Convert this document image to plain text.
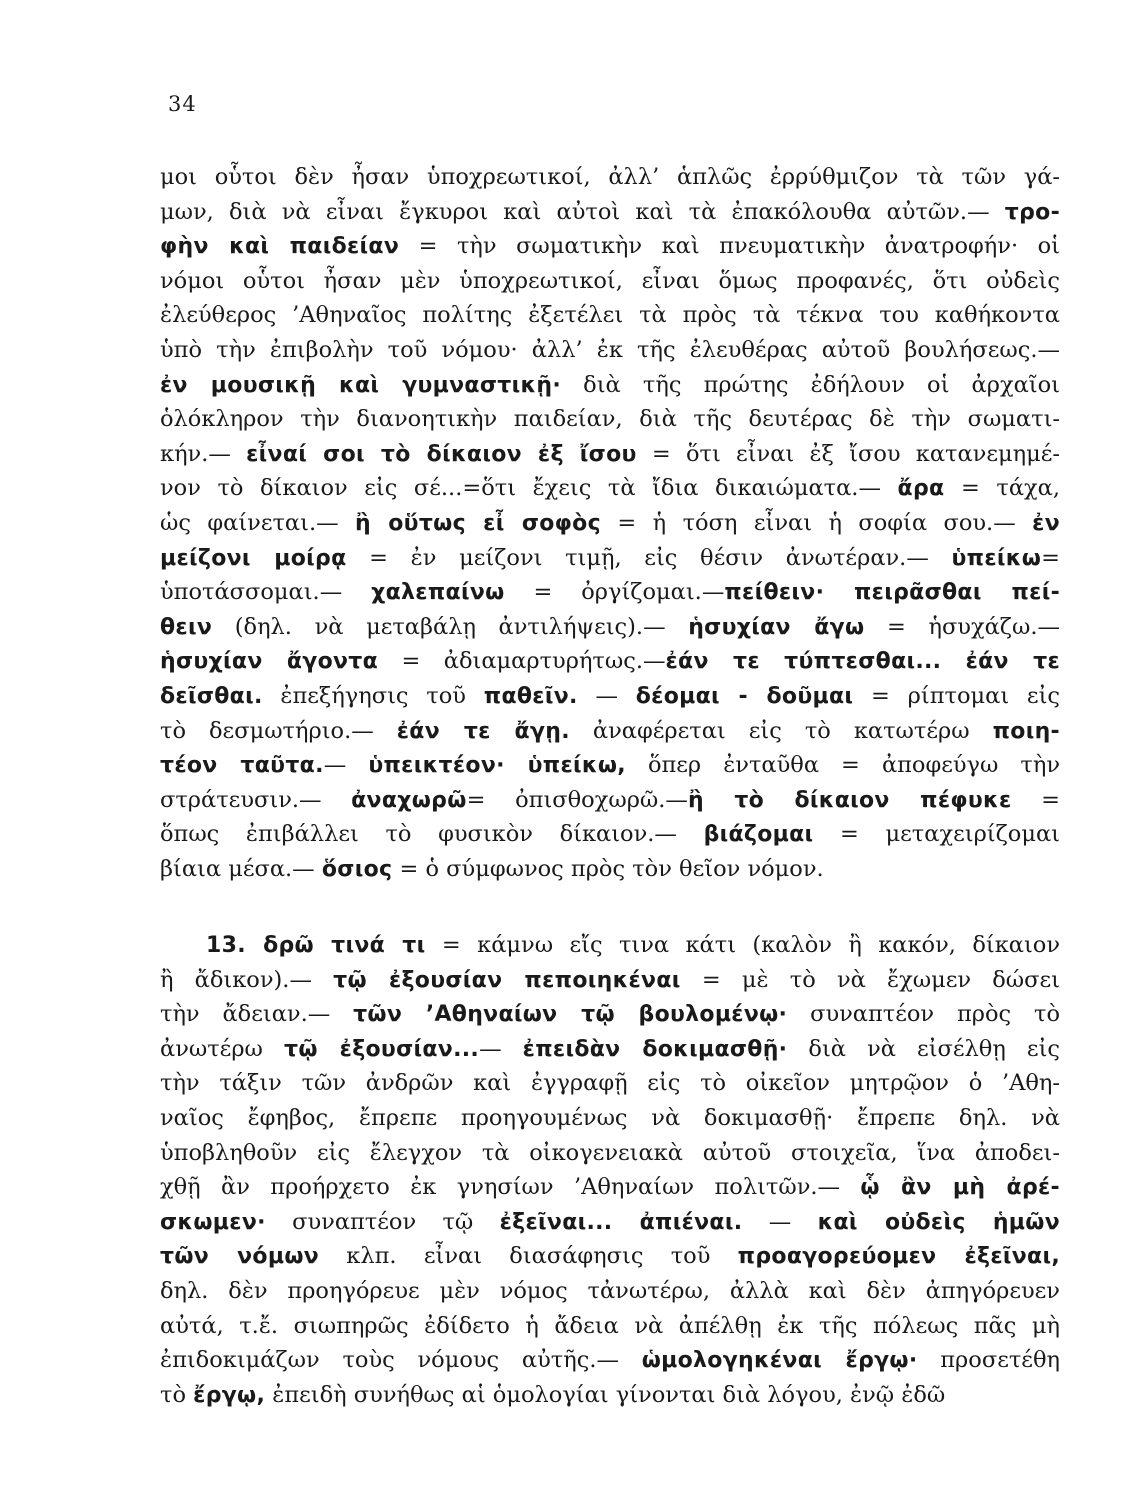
34
μοι οὗτοι δὲν ἦσαν ὑποχρεωτικοί, ἀλλ’ ἁπλῶς ἐρρύθμιζον τὰ τῶν γά-
μων, διὰ νὰ εἶναι ἔγκυροι καὶ αὐτοὶ καὶ τὰ ἐπακόλουθα αὐτῶν.— τρο-
φὴν καὶ παιδείαν = τὴν σωματικὴν καὶ πνευματικὴν ἀνατροφήν· οἱ
νόμοι οὗτοι ἦσαν μὲν ὑποχρεωτικοί, εἶναι ὅμως προφανές, ὅτι οὐδεὶς
ἐλεύθερος ’Αθηναῖος πολίτης ἐξετέλει τὰ πρὸς τὰ τέκνα του καθήκοντα
ὑπὸ τὴν ἐπιβολὴν τοῦ νόμου· ἀλλ’ ἐκ τῆς ἐλευθέρας αὐτοῦ βουλήσεως.—
ἐν μουσικῇ καὶ γυμναστικῇ· διὰ τῆς πρώτης ἐδήλουν οἱ ἀρχαῖοι
ὁλόκληρον τὴν διανοητικὴν παιδείαν, διὰ τῆς δευτέρας δὲ τὴν σωματι-
κήν.— εἶναί σοι τὸ δίκαιον ἐξ ἴσου = ὅτι εἶναι ἐξ ἴσου κατανεμημέ-
νον τὸ δίκαιον εἰς σέ...=ὅτι ἔχεις τὰ ἴδια δικαιώματα.— ἄρα = τάχα,
ὡς φαίνεται.— ἢ οὕτως εἶ σοφὸς = ἡ τόση εἶναι ἡ σοφία σου.— ἐν
μείζονι μοίρᾳ = ἐν μείζονι τιμῇ, εἰς θέσιν ἀνωτέραν.— ὑπείκω=
ὑποτάσσομαι.— χαλεπαίνω = ὀργίζομαι.—πείθειν· πειρᾶσθαι πεί-
θειν (δηλ. νὰ μεταβάλῃ ἀντιλήψεις).— ἡσυχίαν ἄγω = ἡσυχάζω.—
ἡσυχίαν ἄγοντα = ἀδιαμαρτυρήτως.—ἐάν τε τύπτεσθαι... ἐάν τε
δεῖσθαι. ἐπεξήγησις τοῦ παθεῖν. — δέομαι - δοῦμαι = ρίπτομαι εἰς
τὸ δεσμωτήριο.— ἐάν τε ἄγῃ. ἀναφέρεται εἰς τὸ κατωτέρω ποιη-
τέον ταῦτα.— ὑπεικτέον· ὑπείκω, ὅπερ ἐνταῦθα = ἀποφεύγω τὴν
στράτευσιν.— ἀναχωρῶ= ὀπισθοχωρῶ.—ἢ τὸ δίκαιον πέφυκε =
ὅπως ἐπιβάλλει τὸ φυσικὸν δίκαιον.— βιάζομαι = μεταχειρίζομαι
βίαια μέσα.— ὅσιος = ὁ σύμφωνος πρὸς τὸν θεῖον νόμον.
13. δρῶ τινά τι = κάμνω εἴς τινα κάτι (καλὸν ἢ κακόν, δίκαιον
ἢ ἄδικον).— τῷ ἐξουσίαν πεποιηκέναι = μὲ τὸ νὰ ἔχωμεν δώσει
τὴν ἄδειαν.— τῶν ’Αθηναίων τῷ βουλομένῳ· συναπτέον πρὸς τὸ
ἀνωτέρω τῷ ἐξουσίαν...— ἐπειδὰν δοκιμασθῇ· διὰ νὰ εἰσέλθῃ εἰς
τὴν τάξιν τῶν ἀνδρῶν καὶ ἐγγραφῇ εἰς τὸ οἰκεῖον μητρῷον ὁ ’Αθη-
ναῖος ἔφηβος, ἔπρεπε προηγουμένως νὰ δοκιμασθῇ· ἔπρεπε δηλ. νὰ
ὑποβληθοῦν εἰς ἔλεγχον τὰ οἰκογενειακὰ αὐτοῦ στοιχεῖα, ἵνα ἀποδει-
χθῇ ἂν προήρχετο ἐκ γνησίων ’Αθηναίων πολιτῶν.— ᾧ ἂν μὴ ἀρέ-
σκωμεν· συναπτέον τῷ ἐξεῖναι... ἀπιέναι. — καὶ οὐδεὶς ἡμῶν
τῶν νόμων κλπ. εἶναι διασάφησις τοῦ προαγορεύομεν ἐξεῖναι,
δηλ. δὲν προηγόρευε μὲν νόμος τἀνωτέρω, ἀλλὰ καὶ δὲν ἀπηγόρευεν
αὐτά, τ.ἔ. σιωπηρῶς ἐδίδετο ἡ ἄδεια νὰ ἀπέλθῃ ἐκ τῆς πόλεως πᾶς μὴ
ἐπιδοκιμάζων τοὺς νόμους αὐτῆς.— ὡμολογηκέναι ἔργῳ· προσετέθη
τὸ ἔργῳ, ἐπειδὴ συνήθως αἱ ὁμολογίαι γίνονται διὰ λόγου, ἐνῷ ἐδῶ
